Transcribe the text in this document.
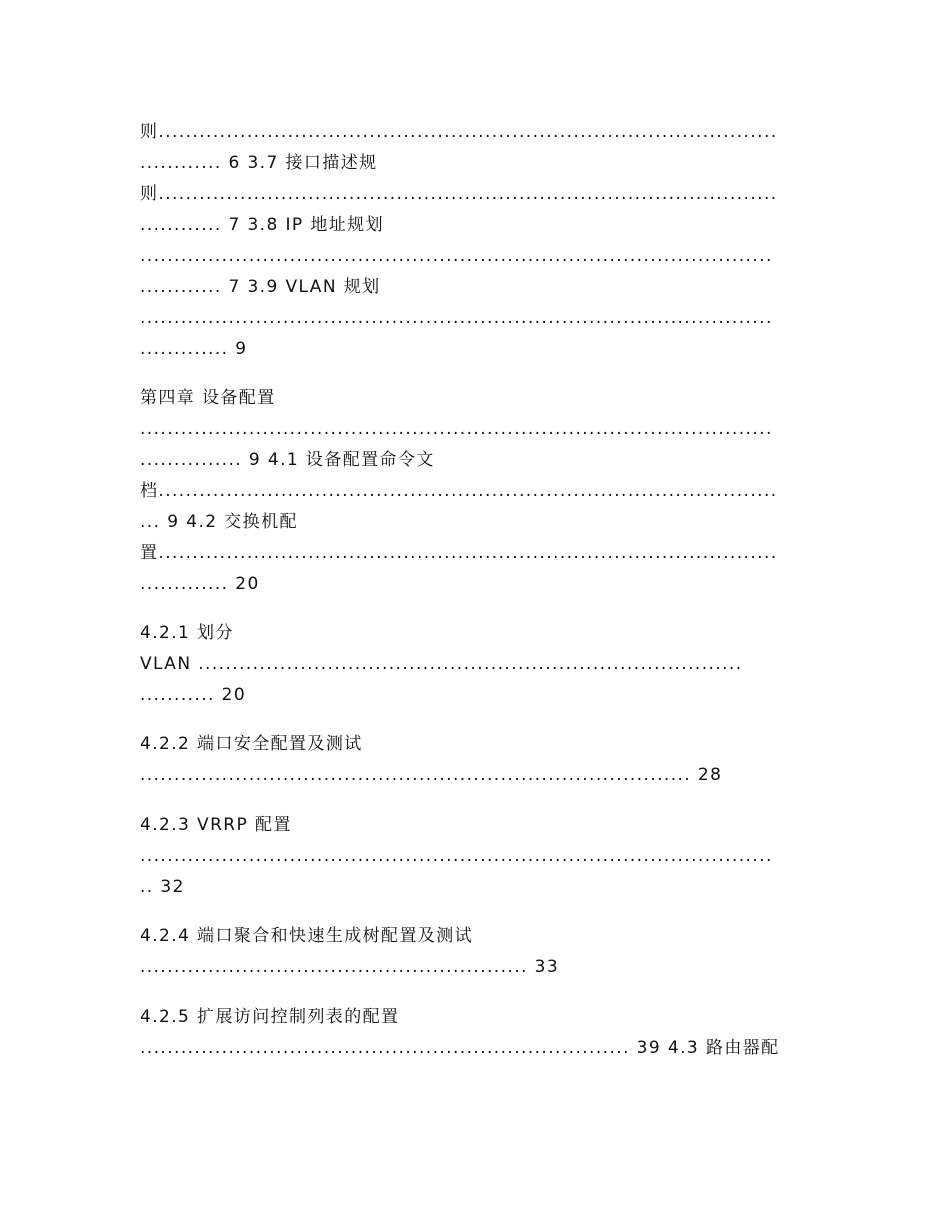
则...........................................................................................
............ 6 3.7 接口描述规
则...........................................................................................
............ 7 3.8 IP 地址规划
.............................................................................................
............ 7 3.9 VLAN 规划
.............................................................................................
............. 9
第四章 设备配置
.............................................................................................
............... 9 4.1 设备配置命令文
档...........................................................................................
... 9 4.2 交换机配
置...........................................................................................
............. 20
4.2.1 划分
VLAN ................................................................................
........... 20
4.2.2 端口安全配置及测试
................................................................................. 28
4.2.3 VRRP 配置
.............................................................................................
.. 32
4.2.4 端口聚合和快速生成树配置及测试
......................................................... 33
4.2.5 扩展访问控制列表的配置
........................................................................ 39 4.3 路由器配
